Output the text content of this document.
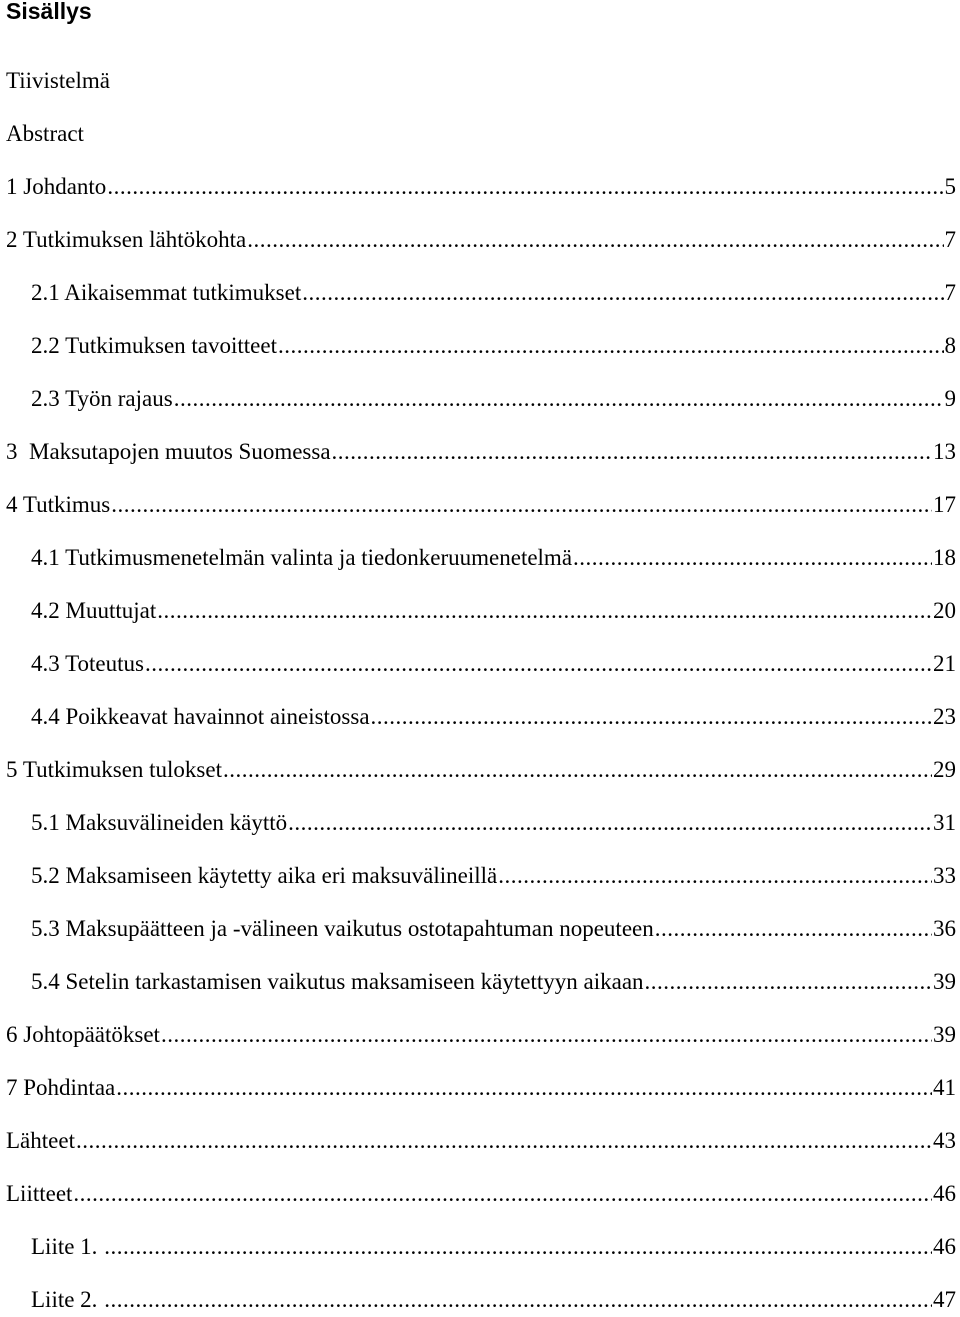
Sisällys
Tiivistelmä
Abstract
1 Johdanto .....	5
2 Tutkimuksen lähtökohta .....	7
2.1 Aikaisemmat tutkimukset .....	7
2.2 Tutkimuksen tavoitteet .....	8
2.3 Työn rajaus .....	9
3  Maksutapojen muutos Suomessa .....	13
4 Tutkimus .....	17
4.1 Tutkimusmenetelmän valinta ja tiedonkeruumenetelmä .....	18
4.2 Muuttujat .....	20
4.3 Toteutus .....	21
4.4 Poikkeavat havainnot aineistossa .....	23
5 Tutkimuksen tulokset .....	29
5.1 Maksuvälineiden käyttö .....	31
5.2 Maksamiseen käytetty aika eri maksuvälineillä .....	33
5.3 Maksupäätteen ja -välineen vaikutus ostotapahtuman nopeuteen .....	36
5.4 Setelin tarkastamisen vaikutus maksamiseen käytettyyn aikaan .....	39
6 Johtopäätökset .....	39
7 Pohdintaa .....	41
Lähteet .....	43
Liitteet .....	46
Liite 1. .....	46
Liite 2. .....	47
